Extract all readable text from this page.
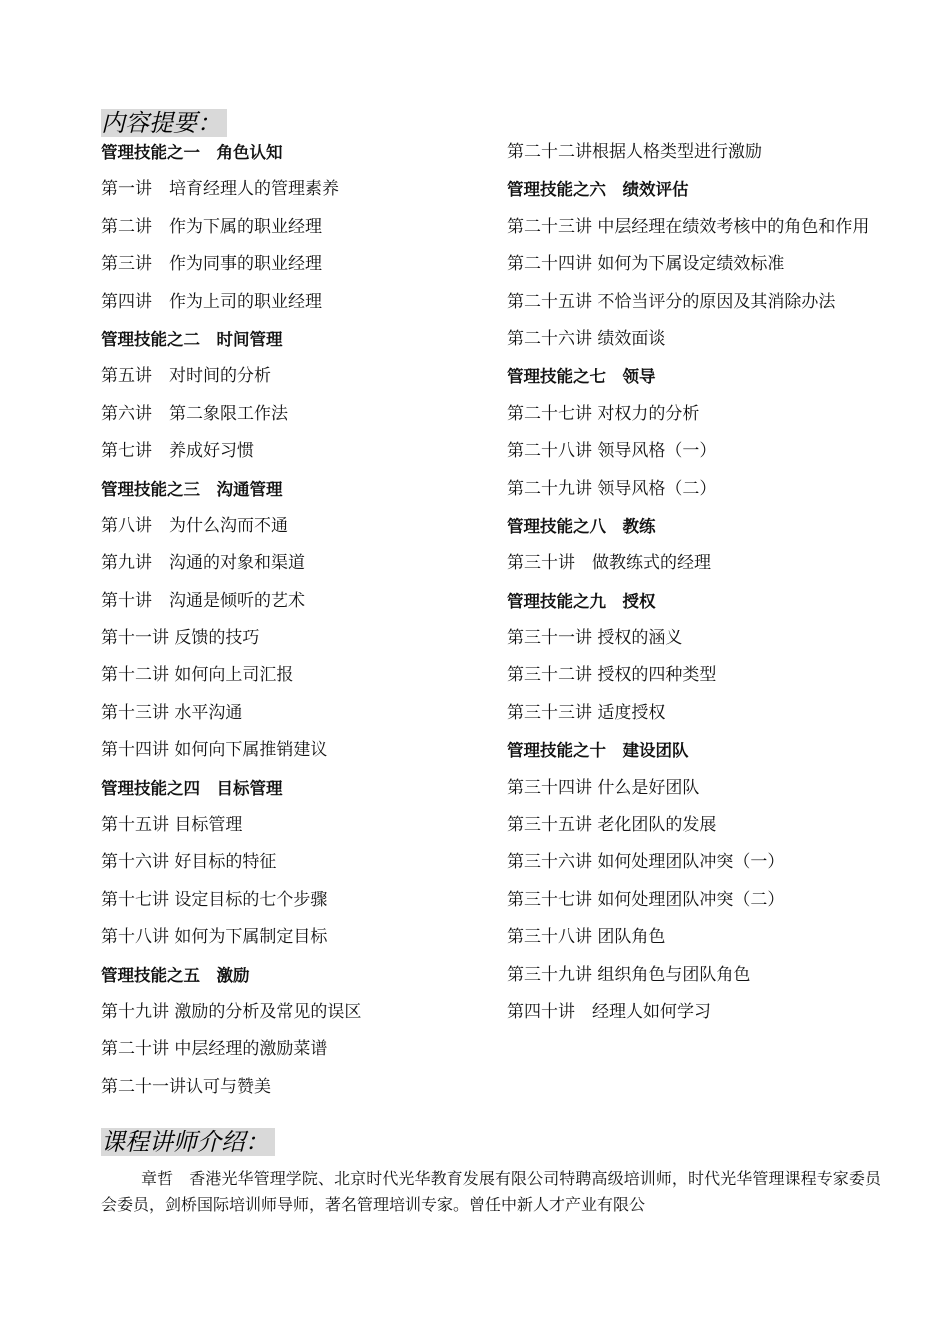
内容提要：
管理技能之一　角色认知
第一讲　培育经理人的管理素养
第二讲　作为下属的职业经理
第三讲　作为同事的职业经理
第四讲　作为上司的职业经理
管理技能之二　时间管理
第五讲　对时间的分析
第六讲　第二象限工作法
第七讲　养成好习惯
管理技能之三　沟通管理
第八讲　为什么沟而不通
第九讲　沟通的对象和渠道
第十讲　沟通是倾听的艺术
第十一讲 反馈的技巧
第十二讲 如何向上司汇报
第十三讲 水平沟通
第十四讲 如何向下属推销建议
管理技能之四　目标管理
第十五讲 目标管理
第十六讲 好目标的特征
第十七讲 设定目标的七个步骤
第十八讲 如何为下属制定目标
管理技能之五　激励
第十九讲 激励的分析及常见的误区
第二十讲 中层经理的激励菜谱
第二十一讲认可与赞美
第二十二讲根据人格类型进行激励
管理技能之六　绩效评估
第二十三讲 中层经理在绩效考核中的角色和作用
第二十四讲 如何为下属设定绩效标准
第二十五讲 不恰当评分的原因及其消除办法
第二十六讲 绩效面谈
管理技能之七　领导
第二十七讲 对权力的分析
第二十八讲 领导风格（一）
第二十九讲 领导风格（二）
管理技能之八　教练
第三十讲　做教练式的经理
管理技能之九　授权
第三十一讲 授权的涵义
第三十二讲 授权的四种类型
第三十三讲 适度授权
管理技能之十　建设团队
第三十四讲 什么是好团队
第三十五讲 老化团队的发展
第三十六讲 如何处理团队冲突（一）
第三十七讲 如何处理团队冲突（二）
第三十八讲 团队角色
第三十九讲 组织角色与团队角色
第四十讲　经理人如何学习
课程讲师介绍：

章哲　香港光华管理学院、北京时代光华教育发展有限公司特聘高级培训师，时代光华管理课程专家委员会委员，剑桥国际培训师导师，著名管理培训专家。曾任中新人才产业有限公
